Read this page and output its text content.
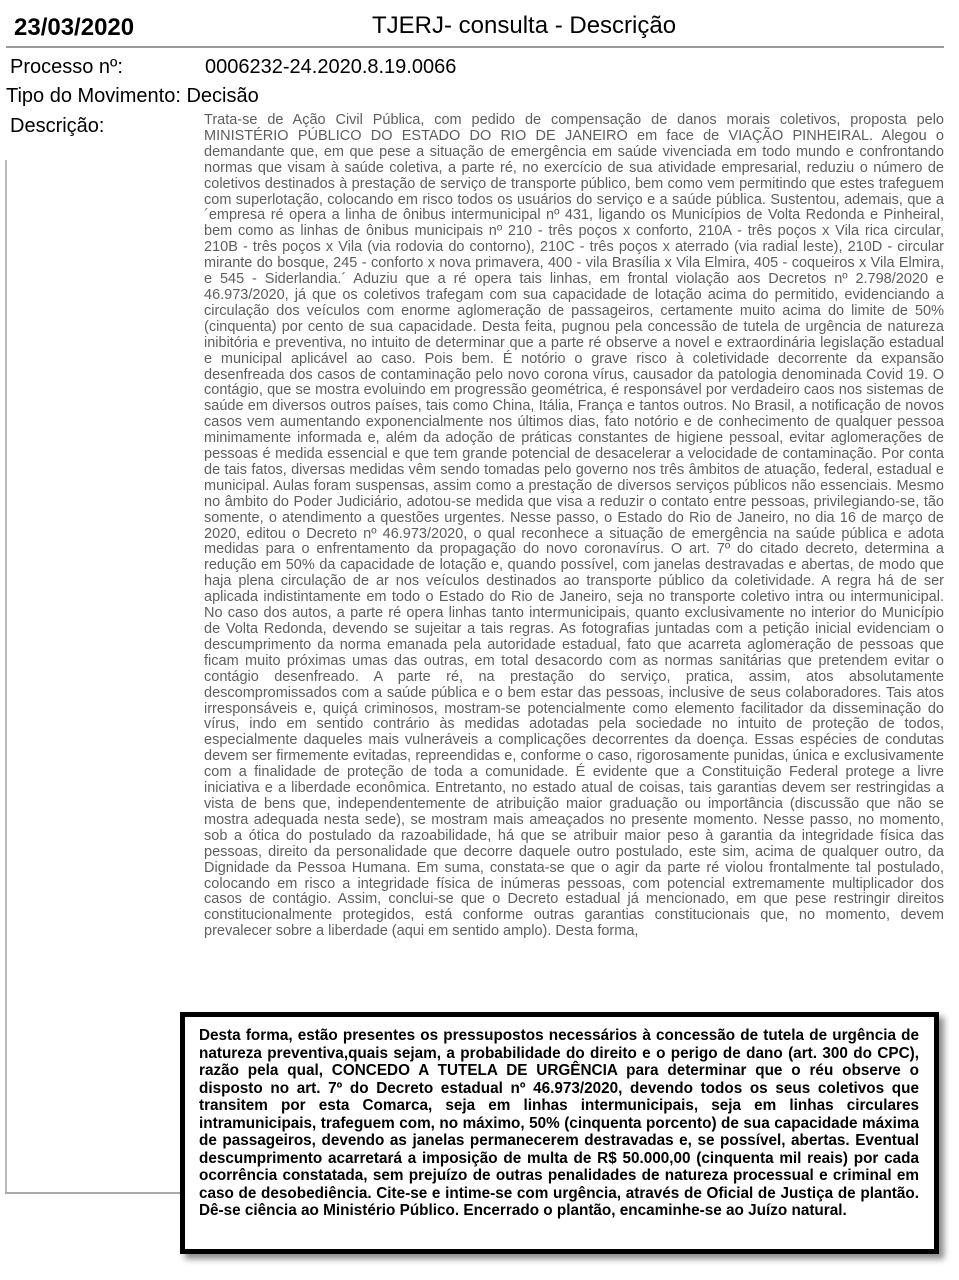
23/03/2020	TJERJ- consulta - Descrição
Processo nº:	0006232-24.2020.8.19.0066
Tipo do Movimento: Decisão
Descrição:	Trata-se de Ação Civil Pública, com pedido de compensação de danos morais coletivos, proposta pelo MINISTÉRIO PÚBLICO DO ESTADO DO RIO DE JANEIRO em face de VIAÇÃO PINHEIRAL. Alegou o demandante que, em que pese a situação de emergência em saúde vivenciada em todo mundo e confrontando normas que visam à saúde coletiva, a parte ré, no exercício de sua atividade empresarial, reduziu o número de coletivos destinados à prestação de serviço de transporte público, bem como vem permitindo que estes trafeguem com superlotação, colocando em risco todos os usuários do serviço e a saúde pública. Sustentou, ademais, que a ´empresa ré opera a linha de ônibus intermunicipal nº 431, ligando os Municípios de Volta Redonda e Pinheiral, bem como as linhas de ônibus municipais nº 210 - três poços x conforto, 210A - três poços x Vila rica circular, 210B - três poços x Vila (via rodovia do contorno), 210C - três poços x aterrado (via radial leste), 210D - circular mirante do bosque, 245 - conforto x nova primavera, 400 - vila Brasília x Vila Elmira, 405 - coqueiros x Vila Elmira, e 545 - Siderlandia.´ Aduziu que a ré opera tais linhas, em frontal violação aos Decretos nº 2.798/2020 e 46.973/2020, já que os coletivos trafegam com sua capacidade de lotação acima do permitido, evidenciando a circulação dos veículos com enorme aglomeração de passageiros, certamente muito acima do limite de 50% (cinquenta) por cento de sua capacidade. Desta feita, pugnou pela concessão de tutela de urgência de natureza inibitória e preventiva, no intuito de determinar que a parte ré observe a novel e extraordinária legislação estadual e municipal aplicável ao caso. Pois bem. É notório o grave risco à coletividade decorrente da expansão desenfreada dos casos de contaminação pelo novo corona vírus, causador da patologia denominada Covid 19. O contágio, que se mostra evoluindo em progressão geométrica, é responsável por verdadeiro caos nos sistemas de saúde em diversos outros países, tais como China, Itália, França e tantos outros. No Brasil, a notificação de novos casos vem aumentando exponencialmente nos últimos dias, fato notório e de conhecimento de qualquer pessoa minimamente informada e, além da adoção de práticas constantes de higiene pessoal, evitar aglomerações de pessoas é medida essencial e que tem grande potencial de desacelerar a velocidade de contaminação. Por conta de tais fatos, diversas medidas vêm sendo tomadas pelo governo nos três âmbitos de atuação, federal, estadual e municipal. Aulas foram suspensas, assim como a prestação de diversos serviços públicos não essenciais. Mesmo no âmbito do Poder Judiciário, adotou-se medida que visa a reduzir o contato entre pessoas, privilegiando-se, tão somente, o atendimento a questões urgentes. Nesse passo, o Estado do Rio de Janeiro, no dia 16 de março de 2020, editou o Decreto nº 46.973/2020, o qual reconhece a situação de emergência na saúde pública e adota medidas para o enfrentamento da propagação do novo coronavírus. O art. 7º do citado decreto, determina a redução em 50% da capacidade de lotação e, quando possível, com janelas destravadas e abertas, de modo que haja plena circulação de ar nos veículos destinados ao transporte público da coletividade. A regra há de ser aplicada indistintamente em todo o Estado do Rio de Janeiro, seja no transporte coletivo intra ou intermunicipal. No caso dos autos, a parte ré opera linhas tanto intermunicipais, quanto exclusivamente no interior do Município de Volta Redonda, devendo se sujeitar a tais regras. As fotografias juntadas com a petição inicial evidenciam o descumprimento da norma emanada pela autoridade estadual, fato que acarreta aglomeração de pessoas que ficam muito próximas umas das outras, em total desacordo com as normas sanitárias que pretendem evitar o contágio desenfreado. A parte ré, na prestação do serviço, pratica, assim, atos absolutamente descompromissados com a saúde pública e o bem estar das pessoas, inclusive de seus colaboradores. Tais atos irresponsáveis e, quiçá criminosos, mostram-se potencialmente como elemento facilitador da disseminação do vírus, indo em sentido contrário às medidas adotadas pela sociedade no intuito de proteção de todos, especialmente daqueles mais vulneráveis a complicações decorrentes da doença. Essas espécies de condutas devem ser firmemente evitadas, repreendidas e, conforme o caso, rigorosamente punidas, única e exclusivamente com a finalidade de proteção de toda a comunidade. É evidente que a Constituição Federal protege a livre iniciativa e a liberdade econômica. Entretanto, no estado atual de coisas, tais garantias devem ser restringidas a vista de bens que, independentemente de atribuição maior graduação ou importância (discussão que não se mostra adequada nesta sede), se mostram mais ameaçados no presente momento. Nesse passo, no momento, sob a ótica do postulado da razoabilidade, há que se atribuir maior peso à garantia da integridade física das pessoas, direito da personalidade que decorre daquele outro postulado, este sim, acima de qualquer outro, da Dignidade da Pessoa Humana. Em suma, constata-se que o agir da parte ré violou frontalmente tal postulado, colocando em risco a integridade física de inúmeras pessoas, com potencial extremamente multiplicador dos casos de contágio. Assim, conclui-se que o Decreto estadual já mencionado, em que pese restringir direitos constitucionalmente protegidos, está conforme outras garantias constitucionais que, no momento, devem prevalecer sobre a liberdade (aqui em sentido amplo). Desta forma,
Desta forma, estão presentes os pressupostos necessários à concessão de tutela de urgência de natureza preventiva,quais sejam, a probabilidade do direito e o perigo de dano (art. 300 do CPC), razão pela qual, CONCEDO A TUTELA DE URGÊNCIA para determinar que o réu observe o disposto no art. 7º do Decreto estadual nº 46.973/2020, devendo todos os seus coletivos que transitem por esta Comarca, seja em linhas intermunicipais, seja em linhas circulares intramunicipais, trafeguem com, no máximo, 50% (cinquenta porcento) de sua capacidade máxima de passageiros, devendo as janelas permanecerem destravadas e, se possível, abertas. Eventual descumprimento acarretará a imposição de multa de R$ 50.000,00 (cinquenta mil reais) por cada ocorrência constatada, sem prejuízo de outras penalidades de natureza processual e criminal em caso de desobediência. Cite-se e intime-se com urgência, através de Oficial de Justiça de plantão. Dê-se ciência ao Ministério Público. Encerrado o plantão, encaminhe-se ao Juízo natural.
